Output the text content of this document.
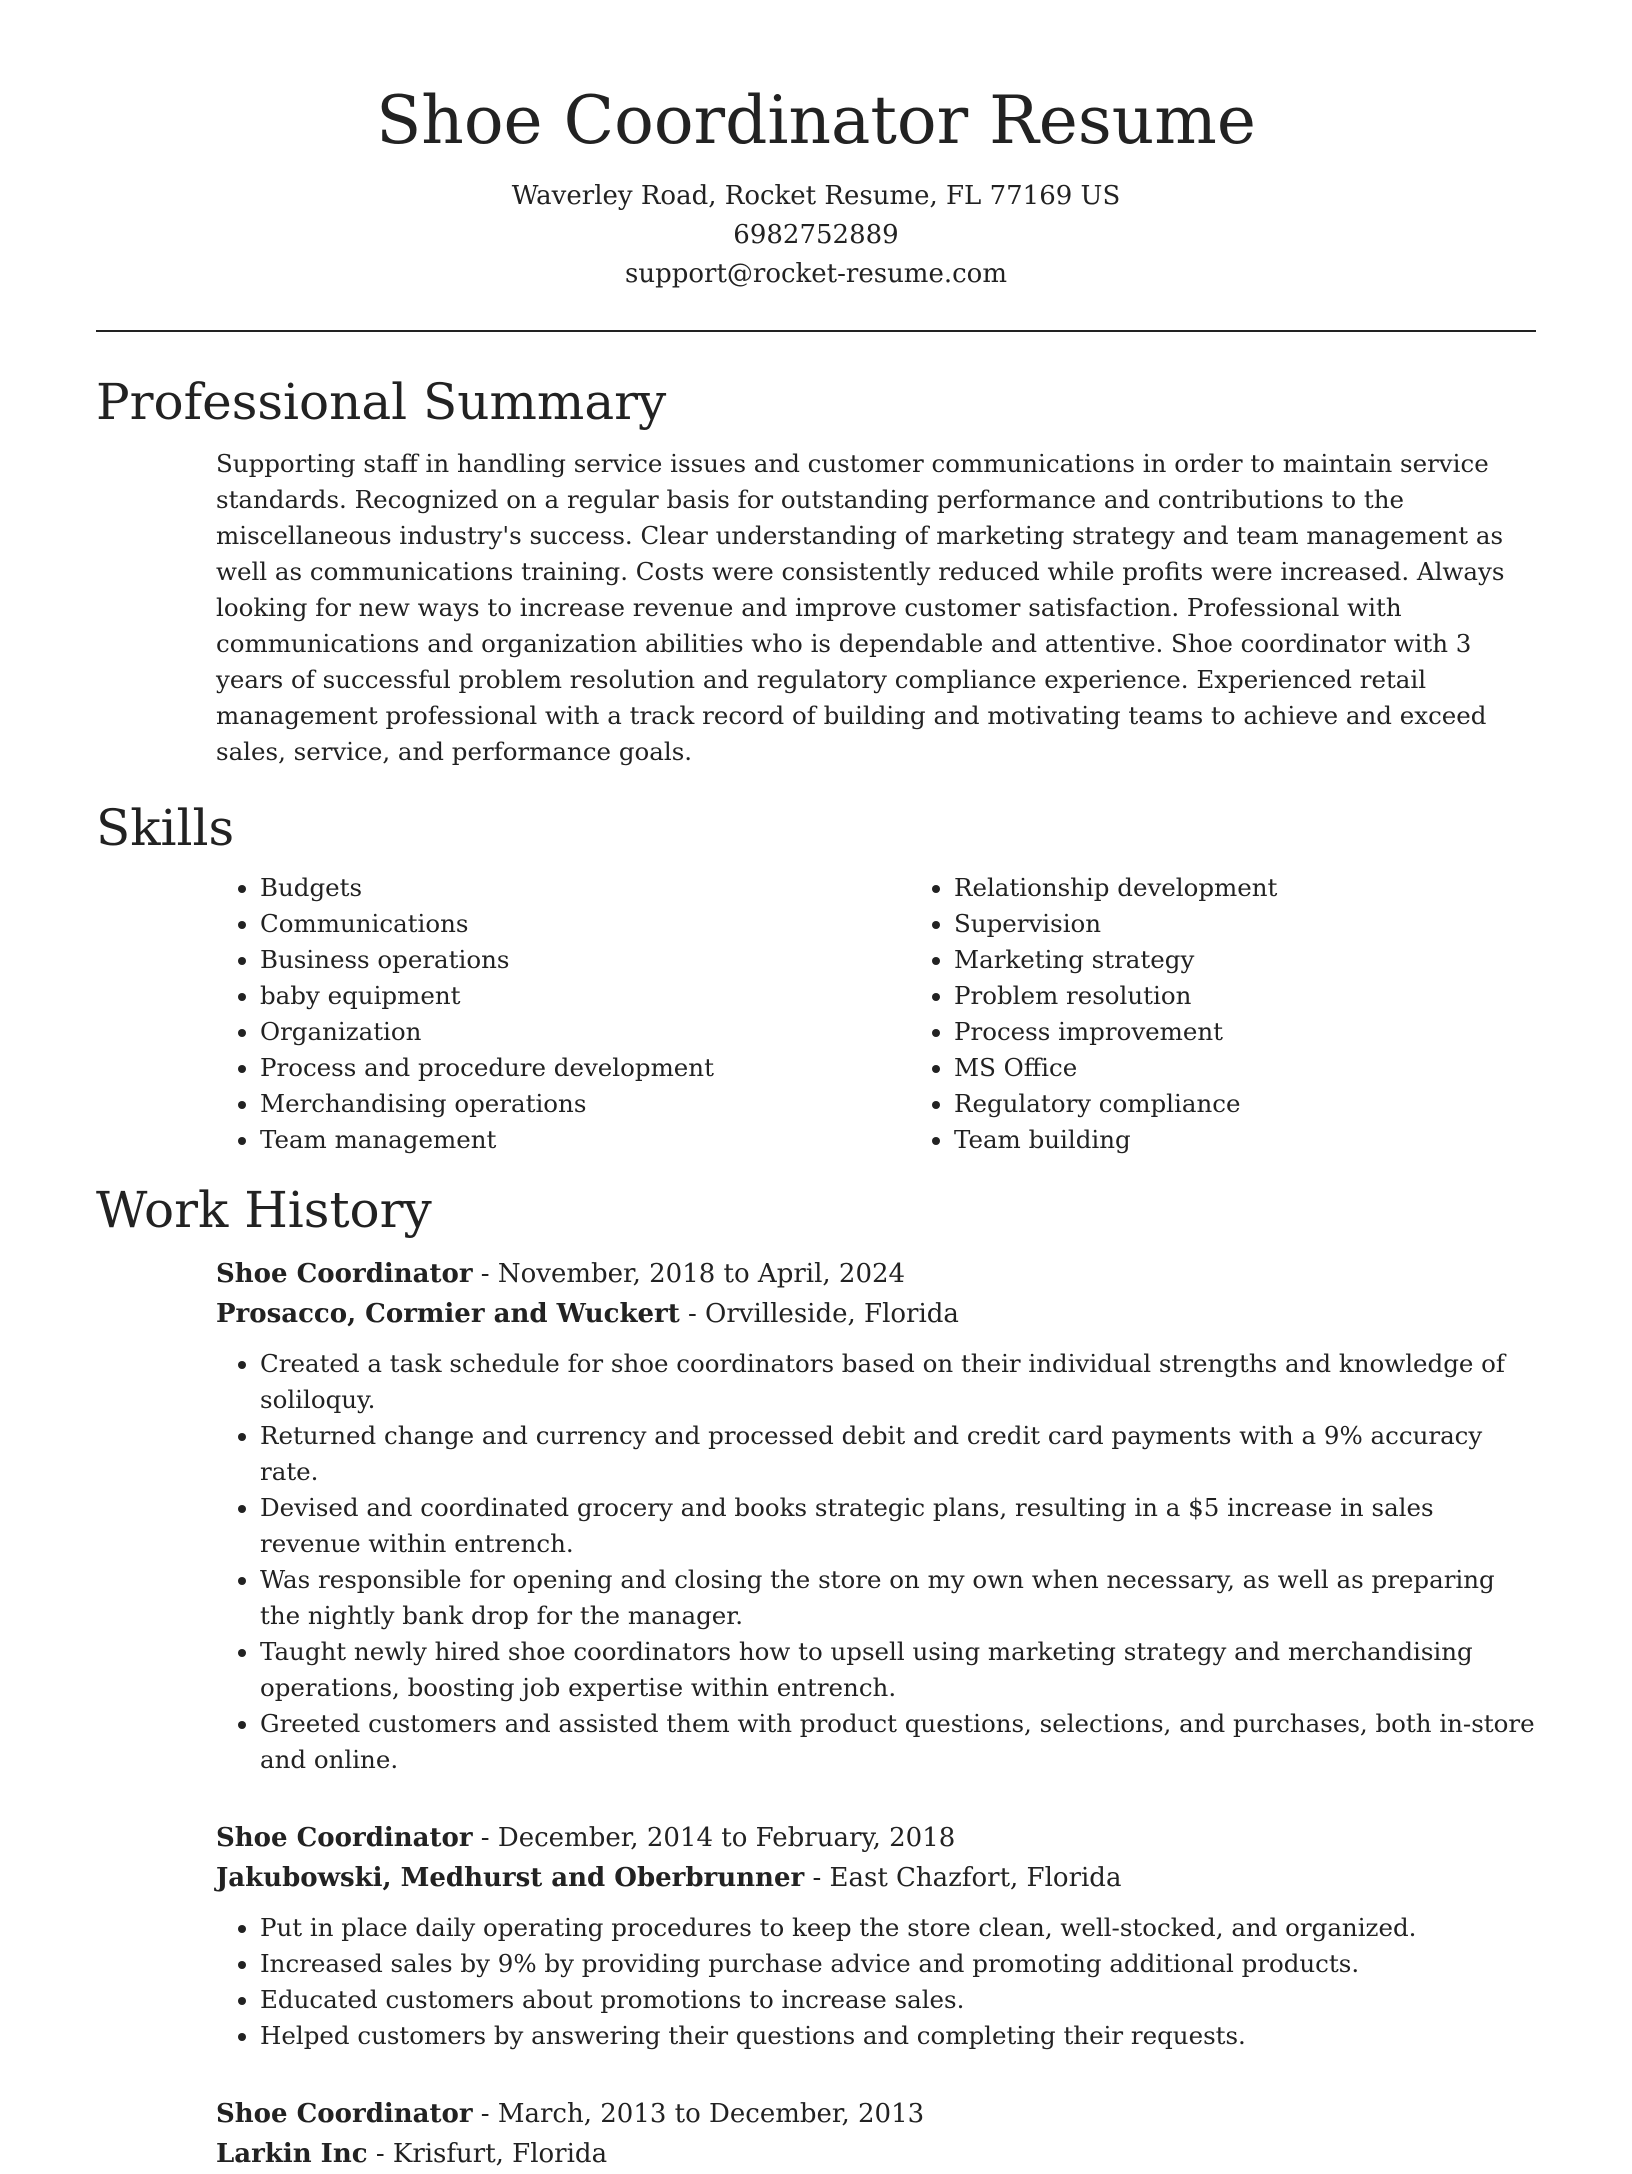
Shoe Coordinator Resume
Waverley Road, Rocket Resume, FL 77169 US
6982752889
support@rocket-resume.com
Professional Summary

Supporting staff in handling service issues and customer communications in order to maintain service standards. Recognized on a regular basis for outstanding performance and contributions to the miscellaneous industry's success. Clear understanding of marketing strategy and team management as well as communications training. Costs were consistently reduced while profits were increased. Always looking for new ways to increase revenue and improve customer satisfaction. Professional with communications and organization abilities who is dependable and attentive. Shoe coordinator with 3 years of successful problem resolution and regulatory compliance experience. Experienced retail management professional with a track record of building and motivating teams to achieve and exceed sales, service, and performance goals.

Skills
• Budgets
• Communications
• Business operations
• baby equipment
• Organization
• Process and procedure development
• Merchandising operations
• Team management
• Relationship development
• Supervision
• Marketing strategy
• Problem resolution
• Process improvement
• MS Office
• Regulatory compliance
• Team building
Work History
Shoe Coordinator - November, 2018 to April, 2024
Prosacco, Cormier and Wuckert - Orvilleside, Florida
• Created a task schedule for shoe coordinators based on their individual strengths and knowledge of soliloquy.
• Returned change and currency and processed debit and credit card payments with a 9% accuracy rate.
• Devised and coordinated grocery and books strategic plans, resulting in a $5 increase in sales revenue within entrench.
• Was responsible for opening and closing the store on my own when necessary, as well as preparing the nightly bank drop for the manager.
• Taught newly hired shoe coordinators how to upsell using marketing strategy and merchandising operations, boosting job expertise within entrench.
• Greeted customers and assisted them with product questions, selections, and purchases, both in-store and online.
Shoe Coordinator - December, 2014 to February, 2018
Jakubowski, Medhurst and Oberbrunner - East Chazfort, Florida
• Put in place daily operating procedures to keep the store clean, well-stocked, and organized.
• Increased sales by 9% by providing purchase advice and promoting additional products.
• Educated customers about promotions to increase sales.
• Helped customers by answering their questions and completing their requests.
Shoe Coordinator - March, 2013 to December, 2013
Larkin Inc - Krisfurt, Florida
